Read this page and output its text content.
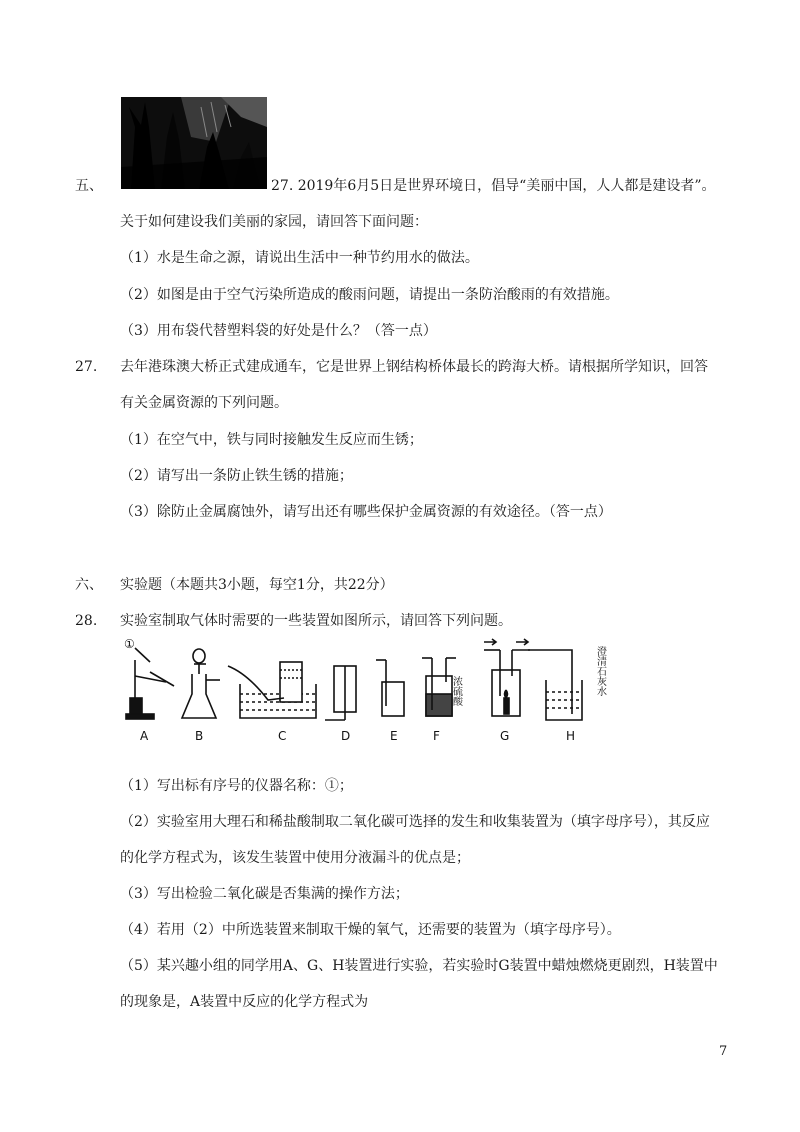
五、	27. 2019年6月5日是世界环境日，倡导“美丽中国，人人都是建设者”。
关于如何建设我们美丽的家园，请回答下面问题：
（1）水是生命之源，请说出生活中一种节约用水的做法。
（2）如图是由于空气污染所造成的酸雨问题，请提出一条防治酸雨的有效措施。
（3）用布袋代替塑料袋的好处是什么？（答一点）
27. 去年港珠澳大桥正式建成通车，它是世界上钢结构桥体最长的跨海大桥。请根据所学知识，回答
有关金属资源的下列问题。
（1）在空气中，铁与同时接触发生反应而生锈；
（2）请写出一条防止铁生锈的措施；
（3）除防止金属腐蚀外，请写出还有哪些保护金属资源的有效途径。（答一点）
六、 实验题（本题共3小题，每空1分，共22分）
28. 实验室制取气体时需要的一些装置如图所示，请回答下列问题。
①
浓硫酸	澄清石灰水
A	B	C	D	E	F	G	H
（1）写出标有序号的仪器名称：①；
（2）实验室用大理石和稀盐酸制取二氧化碳可选择的发生和收集装置为（填字母序号），其反应
的化学方程式为，该发生装置中使用分液漏斗的优点是；
（3）写出检验二氧化碳是否集满的操作方法；
（4）若用（2）中所选装置来制取干燥的氧气，还需要的装置为（填字母序号）。
（5）某兴趣小组的同学用A、G、H装置进行实验，若实验时G装置中蜡烛燃烧更剧烈，H装置中
的现象是，A装置中反应的化学方程式为
7
